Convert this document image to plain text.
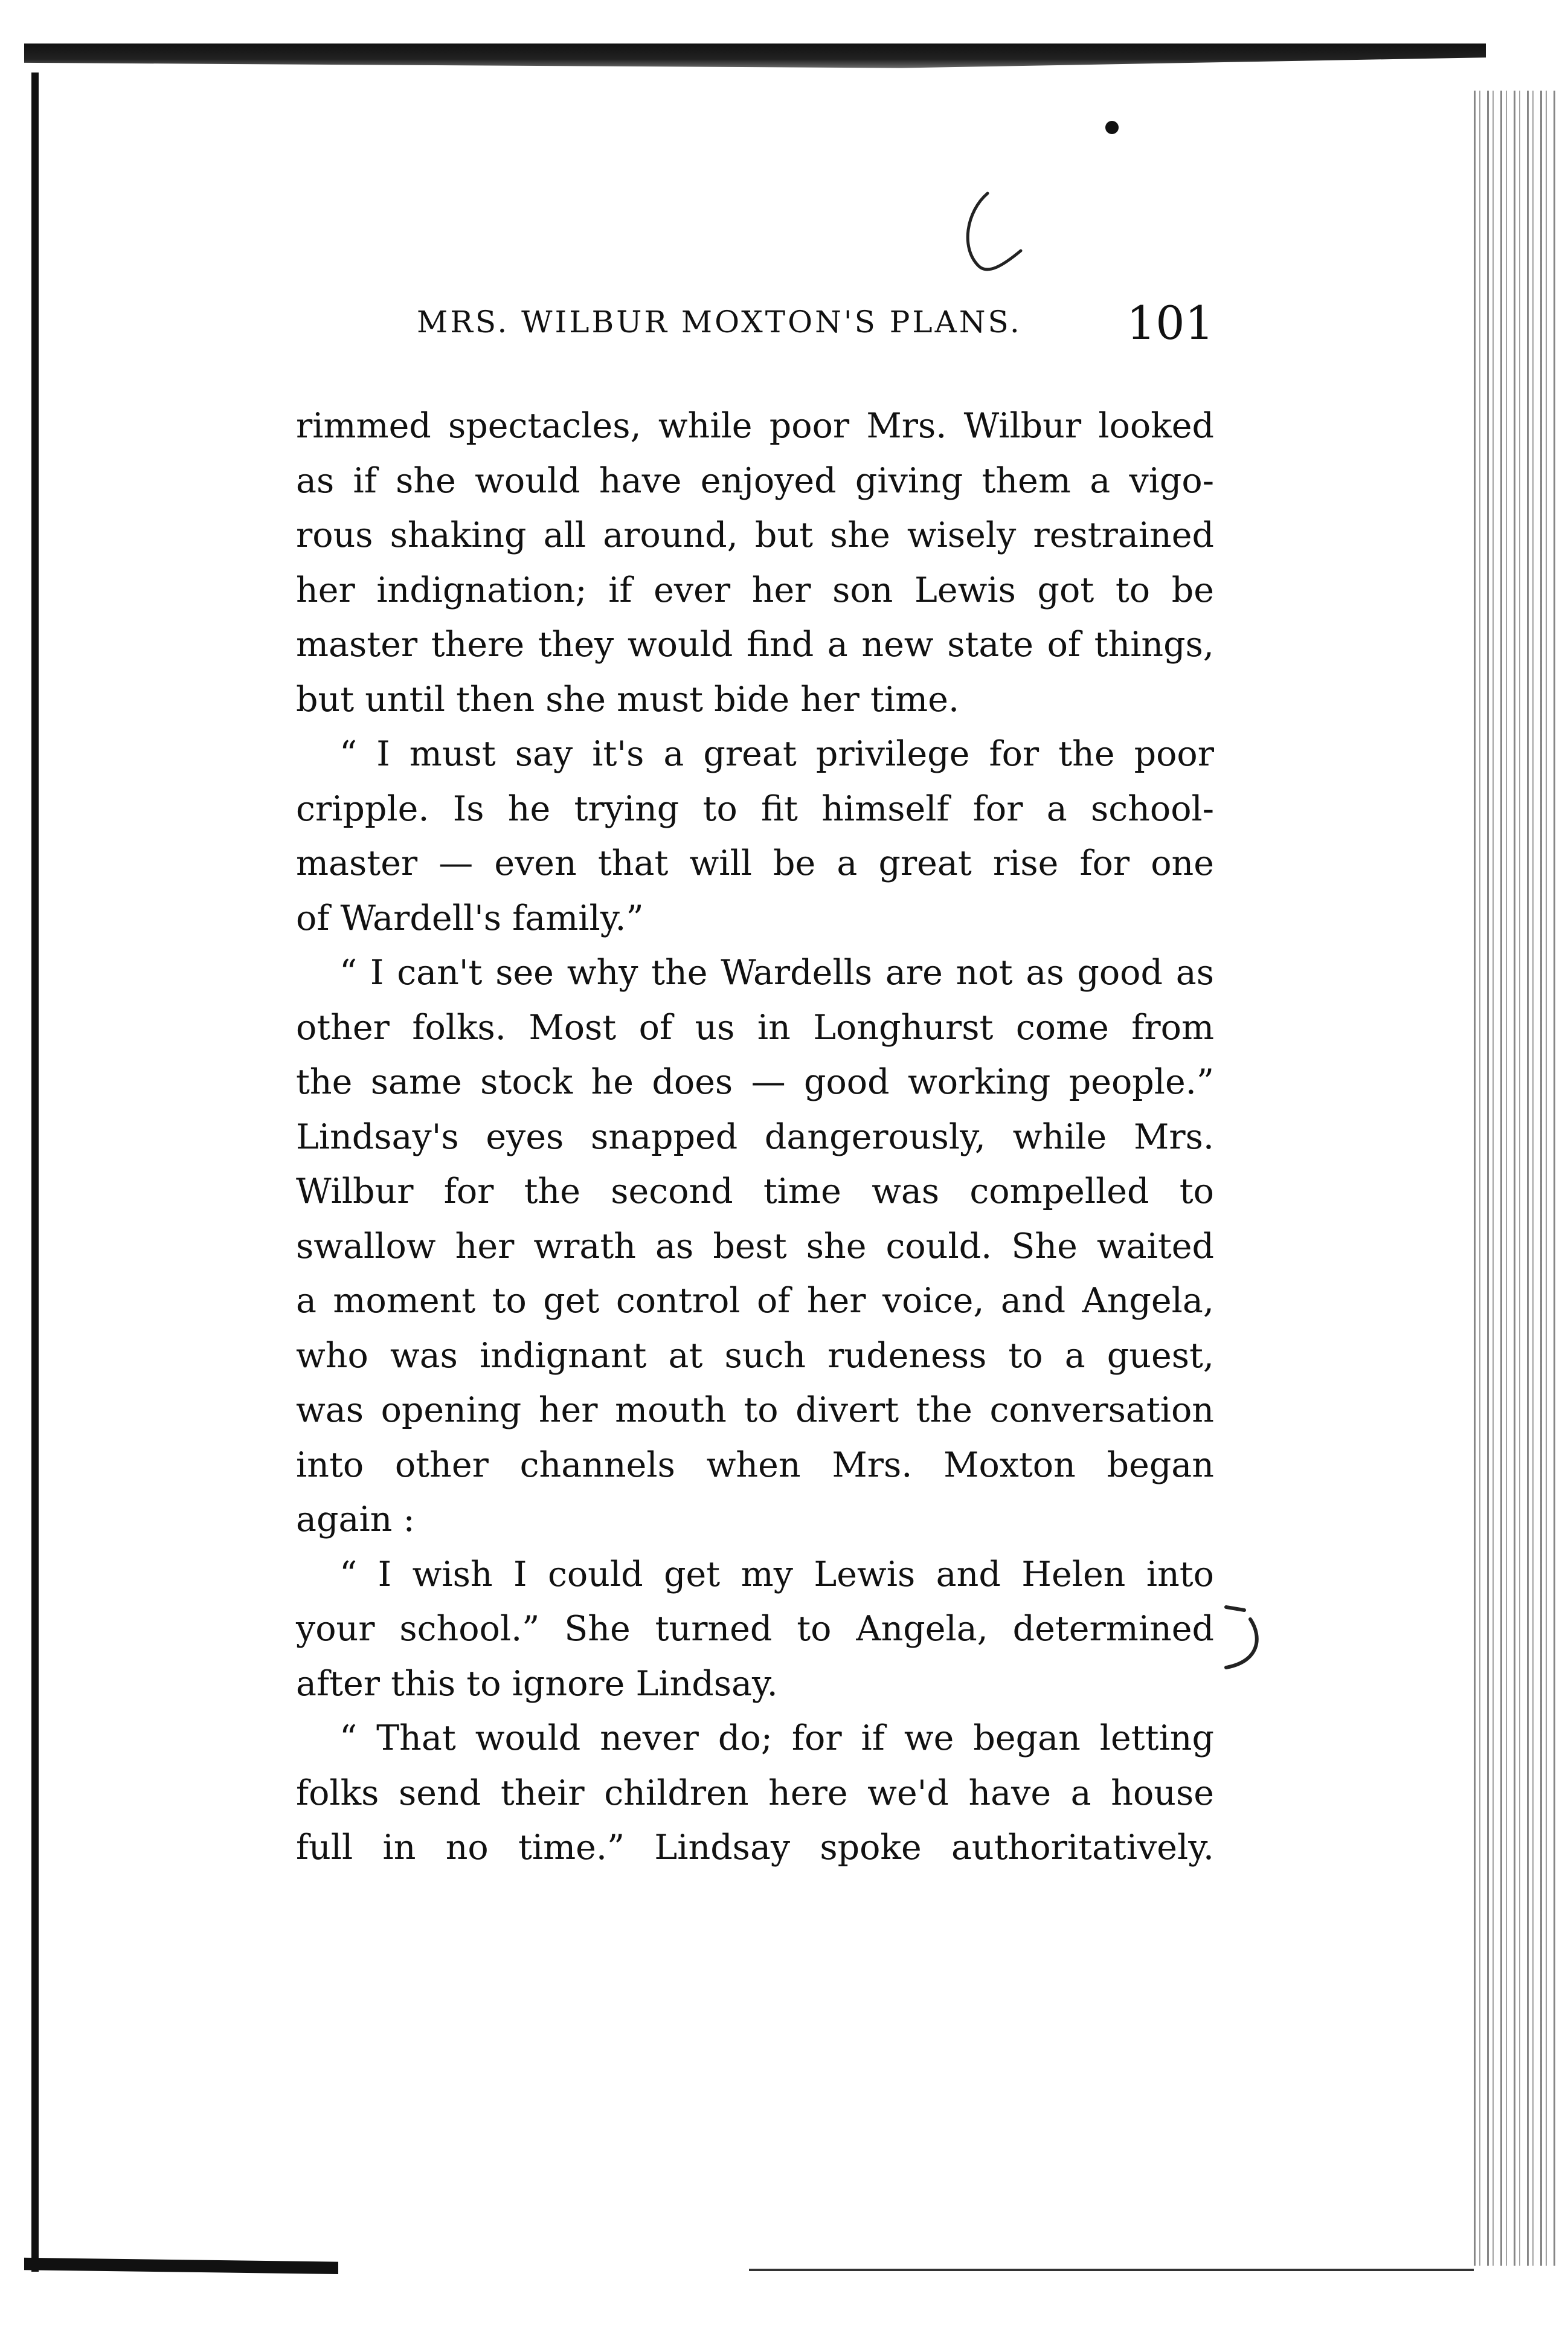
MRS. WILBUR MOXTON'S PLANS. 101
rimmed spectacles, while poor Mrs. Wilbur looked
as if she would have enjoyed giving them a vigo-
rous shaking all around, but she wisely restrained
her indignation; if ever her son Lewis got to be
master there they would find a new state of things,
but until then she must bide her time.
“ I must say it's a great privilege for the poor
cripple. Is he trying to fit himself for a school-
master — even that will be a great rise for one
of Wardell's family.”
“ I can't see why the Wardells are not as good as
other folks. Most of us in Longhurst come from
the same stock he does — good working people.”
Lindsay's eyes snapped dangerously, while Mrs.
Wilbur for the second time was compelled to
swallow her wrath as best she could. She waited
a moment to get control of her voice, and Angela,
who was indignant at such rudeness to a guest,
was opening her mouth to divert the conversation
into other channels when Mrs. Moxton began
again :
“ I wish I could get my Lewis and Helen into
your school.” She turned to Angela, determined
after this to ignore Lindsay.
“ That would never do; for if we began letting
folks send their children here we'd have a house
full in no time.” Lindsay spoke authoritatively.
